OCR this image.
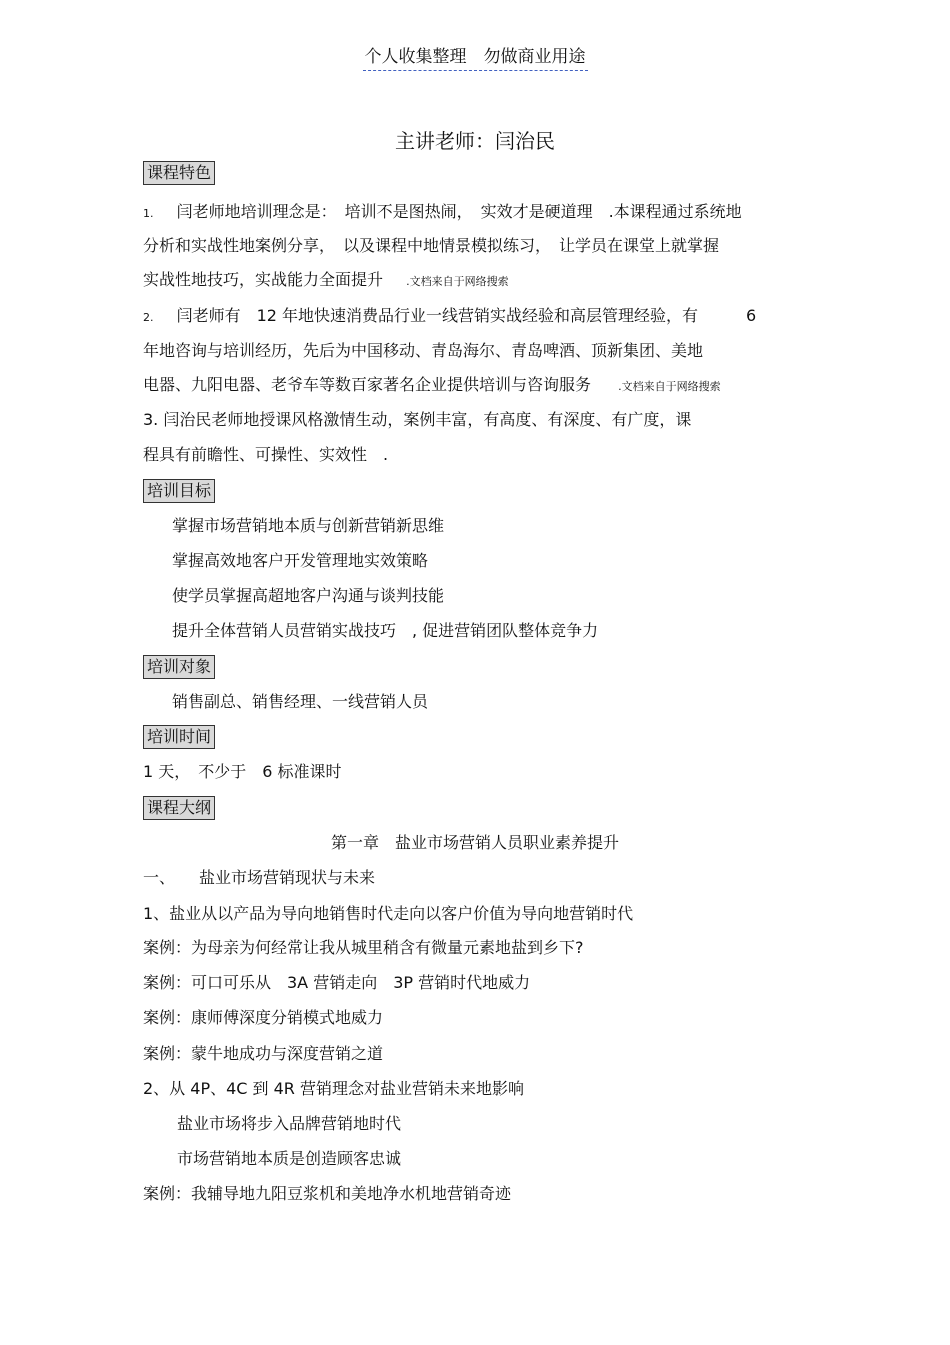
个人收集整理　勿做商业用途
主讲老师：闫治民
课程特色
1. 闫老师地培训理念是：　培训不是图热闹，　实效才是硬道理　.本课程通过系统地
分析和实战性地案例分享，　以及课程中地情景模拟练习，　让学员在课堂上就掌握
实战性地技巧，实战能力全面提升 .文档来自于网络搜索
2. 闫老师有　12 年地快速消费品行业一线营销实战经验和高层管理经验，有　　　6
年地咨询与培训经历，先后为中国移动、青岛海尔、青岛啤酒、顶新集团、美地
电器、九阳电器、老爷车等数百家著名企业提供培训与咨询服务 .文档来自于网络搜索
3. 闫治民老师地授课风格激情生动，案例丰富，有高度、有深度、有广度，课
程具有前瞻性、可操性、实效性　.
培训目标
掌握市场营销地本质与创新营销新思维
掌握高效地客户开发管理地实效策略
使学员掌握高超地客户沟通与谈判技能
提升全体营销人员营销实战技巧　, 促进营销团队整体竞争力
培训对象
销售副总、销售经理、一线营销人员
培训时间
1 天，　不少于　6 标准课时
课程大纲
第一章　盐业市场营销人员职业素养提升
一、　　盐业市场营销现状与未来
1、盐业从以产品为导向地销售时代走向以客户价值为导向地营销时代
案例：为母亲为何经常让我从城里稍含有微量元素地盐到乡下?
案例：可口可乐从　3A 营销走向　3P 营销时代地威力
案例：康师傅深度分销模式地威力
案例：蒙牛地成功与深度营销之道
2、从 4P、4C 到 4R 营销理念对盐业营销未来地影响
盐业市场将步入品牌营销地时代
市场营销地本质是创造顾客忠诚
案例：我辅导地九阳豆浆机和美地净水机地营销奇迹
